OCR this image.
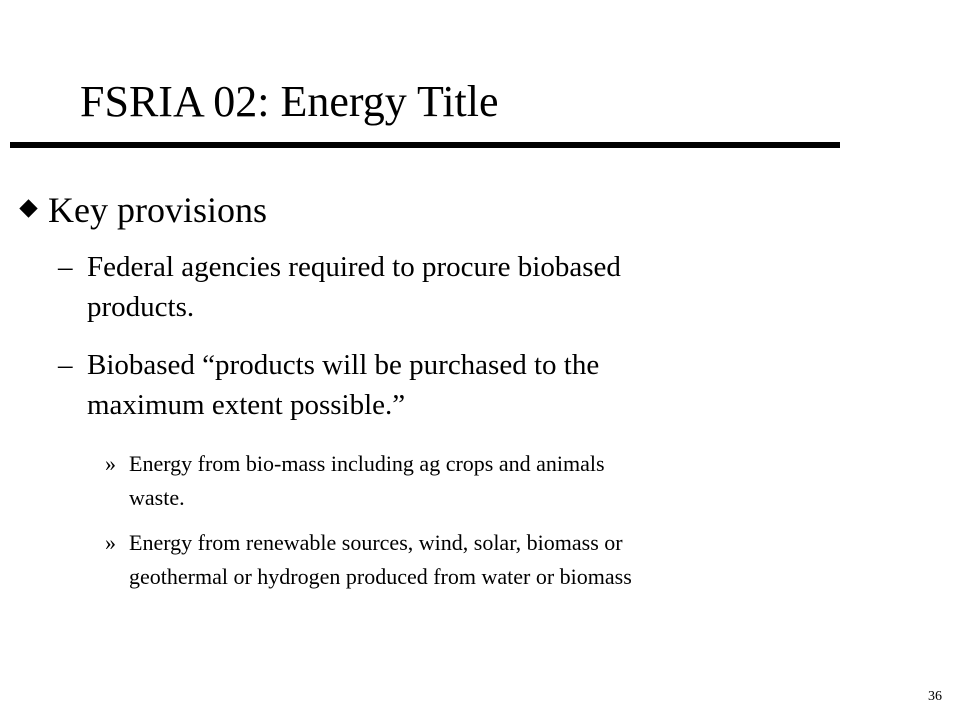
FSRIA 02: Energy Title
Key provisions
– Federal agencies required to procure biobased
products.
– Biobased “products will be purchased to the
maximum extent possible.”
» Energy from bio-mass including ag crops and animals
waste.
» Energy from renewable sources, wind, solar, biomass or
geothermal or hydrogen produced from water or biomass
36
